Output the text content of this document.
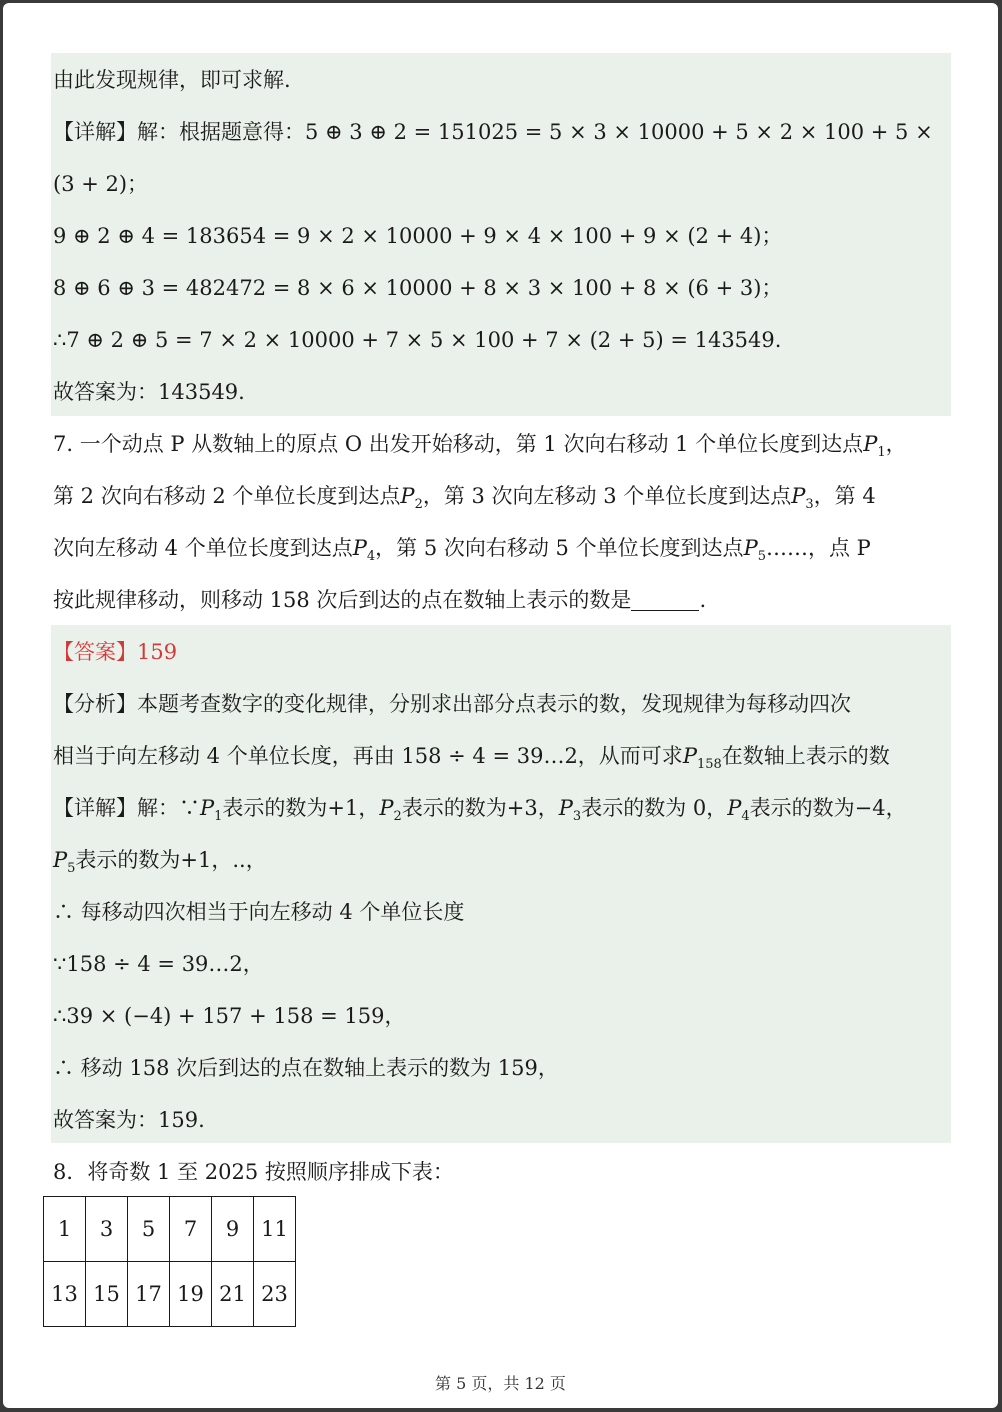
由此发现规律，即可求解.
【详解】解：根据题意得：5 ⊕ 3 ⊕ 2 = 151025 = 5 × 3 × 10000 + 5 × 2 × 100 + 5 ×
(3 + 2)；
9 ⊕ 2 ⊕ 4 = 183654 = 9 × 2 × 10000 + 9 × 4 × 100 + 9 × (2 + 4)；
8 ⊕ 6 ⊕ 3 = 482472 = 8 × 6 × 10000 + 8 × 3 × 100 + 8 × (6 + 3)；
∴7 ⊕ 2 ⊕ 5 = 7 × 2 × 10000 + 7 × 5 × 100 + 7 × (2 + 5) = 143549.
故答案为：143549.
7. 一个动点 P 从数轴上的原点 O 出发开始移动，第 1 次向右移动 1 个单位长度到达点$P_1$，
第 2 次向右移动 2 个单位长度到达点$P_2$，第 3 次向左移动 3 个单位长度到达点$P_3$，第 4
次向左移动 4 个单位长度到达点$P_4$，第 5 次向右移动 5 个单位长度到达点$P_5\dots\dots$，点 P
按此规律移动，则移动 158 次后到达的点在数轴上表示的数是	.
【答案】159
【分析】本题考查数字的变化规律，分别求出部分点表示的数，发现规律为每移动四次
相当于向左移动 4 个单位长度，再由 158 ÷ 4 = 39…2，从而可求$P_{158}$在数轴上表示的数
【详解】解：$\because P_1$表示的数为+1，$P_2$表示的数为+3，$P_3$表示的数为 0，$P_4$表示的数为−4，
$P_5$表示的数为+1，..，
∴ 每移动四次相当于向左移动 4 个单位长度
∵158 ÷ 4 = 39…2，
∴39 × (−4) + 157 + 158 = 159，
∴ 移动 158 次后到达的点在数轴上表示的数为 159，
故答案为：159.
8．将奇数 1 至 2025 按照顺序排成下表：
1	3	5	7	9	11
13	15	17	19	21	23
第 5 页，共 12 页
